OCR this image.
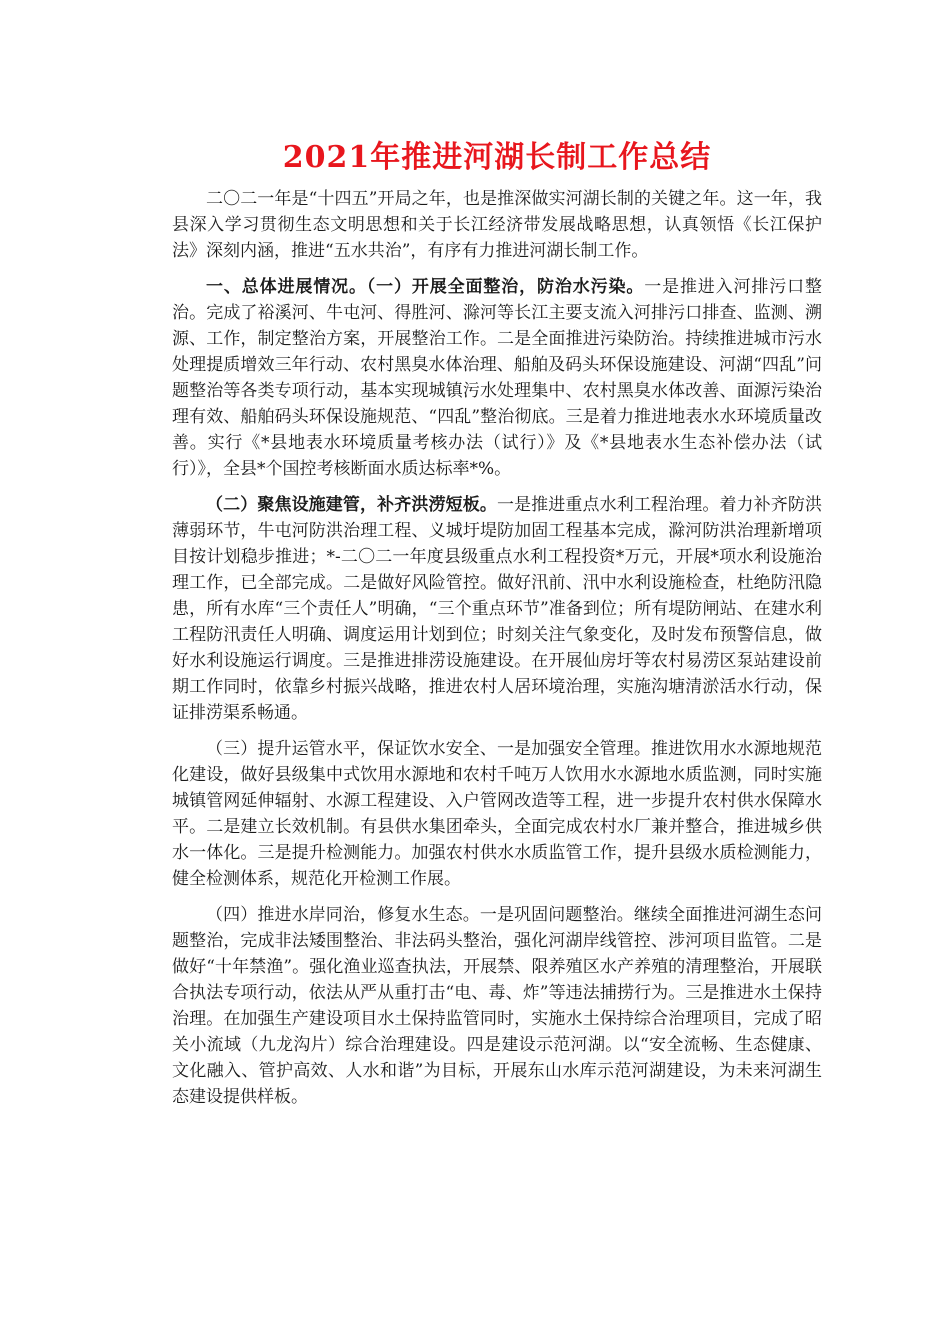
2021年推进河湖长制工作总结

二〇二一年是“十四五”开局之年，也是推深做实河湖长制的关键之年。这一年，我县深入学习贯彻生态文明思想和关于长江经济带发展战略思想，认真领悟《长江保护法》深刻内涵，推进“五水共治”，有序有力推进河湖长制工作。

一、总体进展情况。（一）开展全面整治，防治水污染。一是推进入河排污口整治。完成了裕溪河、牛屯河、得胜河、滁河等长江主要支流入河排污口排查、监测、溯源、工作，制定整治方案，开展整治工作。二是全面推进污染防治。持续推进城市污水处理提质增效三年行动、农村黑臭水体治理、船舶及码头环保设施建设、河湖“四乱”问题整治等各类专项行动，基本实现城镇污水处理集中、农村黑臭水体改善、面源污染治理有效、船舶码头环保设施规范、“四乱”整治彻底。三是着力推进地表水水环境质量改善。实行《*县地表水环境质量考核办法（试行）》及《*县地表水生态补偿办法（试行）》，全县*个国控考核断面水质达标率*%。

（二）聚焦设施建管，补齐洪涝短板。一是推进重点水利工程治理。着力补齐防洪薄弱环节，牛屯河防洪治理工程、义城圩堤防加固工程基本完成，滁河防洪治理新增项目按计划稳步推进；*-二〇二一年度县级重点水利工程投资*万元，开展*项水利设施治理工作，已全部完成。二是做好风险管控。做好汛前、汛中水利设施检查，杜绝防汛隐患，所有水库“三个责任人”明确，“三个重点环节”准备到位；所有堤防闸站、在建水利工程防汛责任人明确、调度运用计划到位；时刻关注气象变化，及时发布预警信息，做好水利设施运行调度。三是推进排涝设施建设。在开展仙房圩等农村易涝区泵站建设前期工作同时，依靠乡村振兴战略，推进农村人居环境治理，实施沟塘清淤活水行动，保证排涝渠系畅通。

（三）提升运管水平，保证饮水安全、一是加强安全管理。推进饮用水水源地规范化建设，做好县级集中式饮用水源地和农村千吨万人饮用水水源地水质监测，同时实施城镇管网延伸辐射、水源工程建设、入户管网改造等工程，进一步提升农村供水保障水平。二是建立长效机制。有县供水集团牵头，全面完成农村水厂兼并整合，推进城乡供水一体化。三是提升检测能力。加强农村供水水质监管工作，提升县级水质检测能力，健全检测体系，规范化开检测工作展。

（四）推进水岸同治，修复水生态。一是巩固问题整治。继续全面推进河湖生态问题整治，完成非法矮围整治、非法码头整治，强化河湖岸线管控、涉河项目监管。二是做好“十年禁渔”。强化渔业巡查执法，开展禁、限养殖区水产养殖的清理整治，开展联合执法专项行动，依法从严从重打击“电、毒、炸”等违法捕捞行为。三是推进水土保持治理。在加强生产建设项目水土保持监管同时，实施水土保持综合治理项目，完成了昭关小流域（九龙沟片）综合治理建设。四是建设示范河湖。以“安全流畅、生态健康、文化融入、管护高效、人水和谐”为目标，开展东山水库示范河湖建设，为未来河湖生态建设提供样板。
